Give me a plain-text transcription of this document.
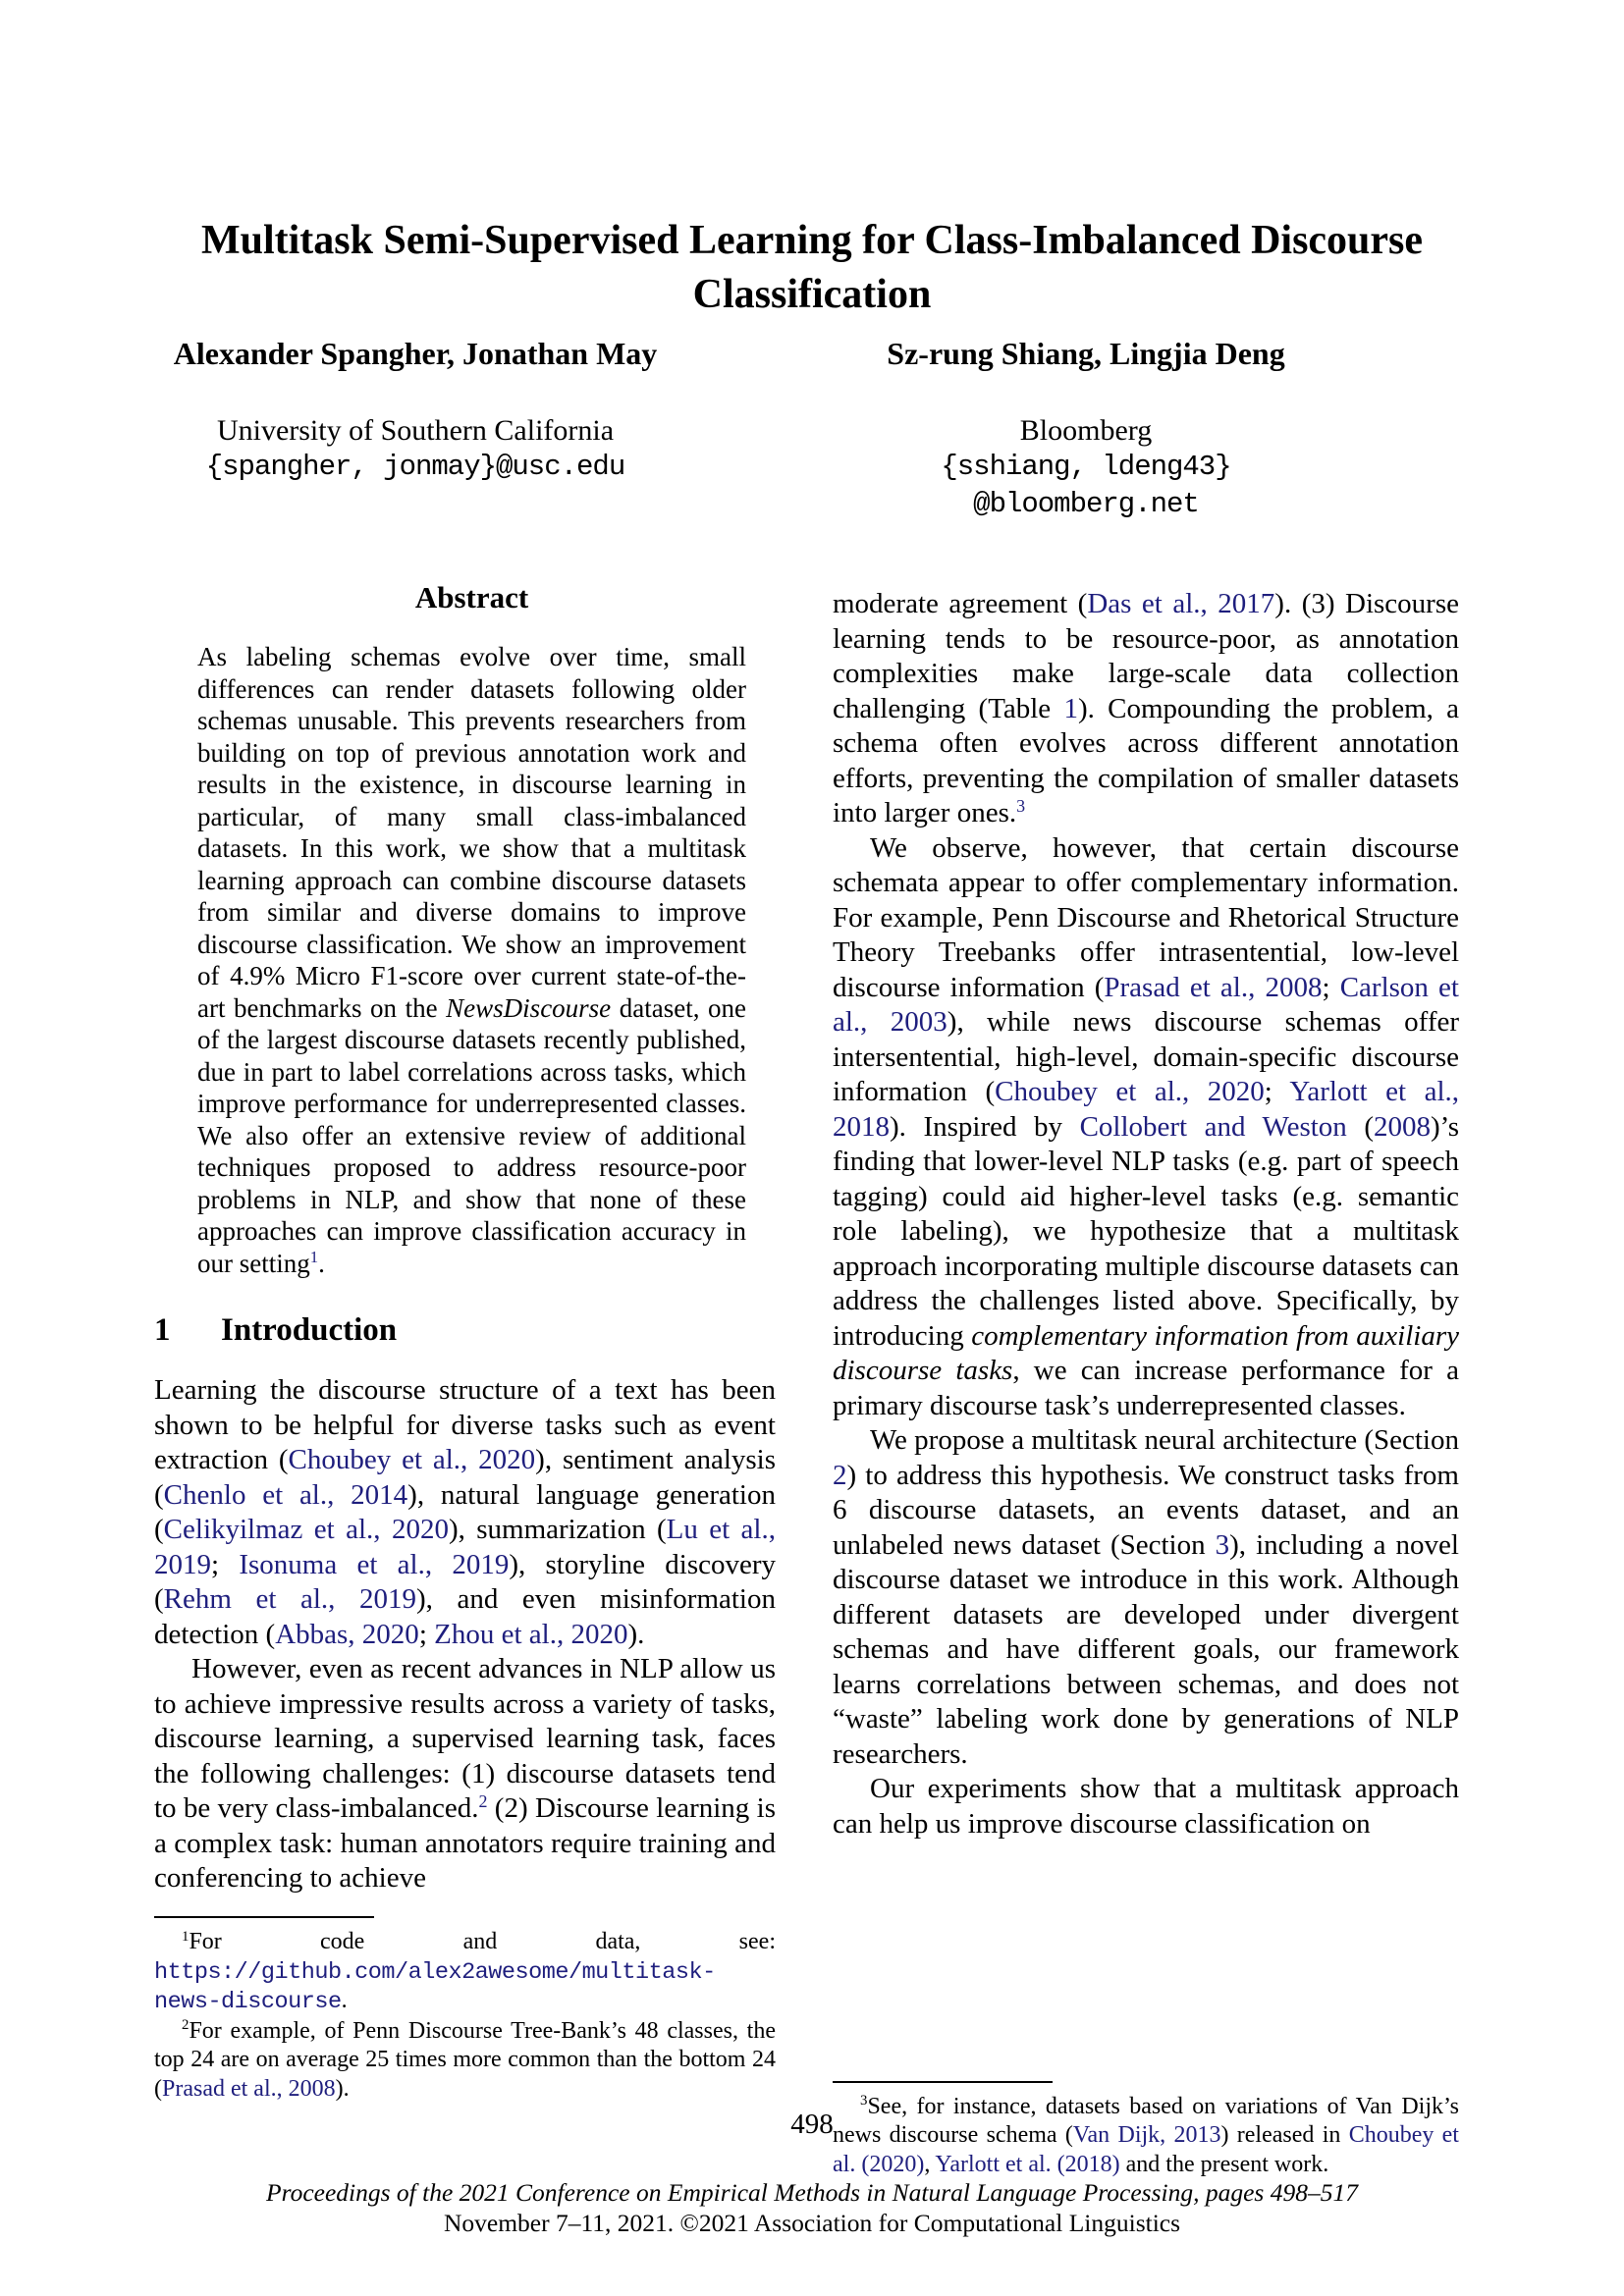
Multitask Semi-Supervised Learning for Class-Imbalanced Discourse
Classification
Alexander Spangher, Jonathan May
University of Southern California
{spangher, jonmay}@usc.edu
Sz-rung Shiang, Lingjia Deng
Bloomberg
{sshiang, ldeng43}
@bloomberg.net
Abstract

As labeling schemas evolve over time, small differences can render datasets following older schemas unusable. This prevents researchers from building on top of previous annotation work and results in the existence, in discourse learning in particular, of many small class-imbalanced datasets. In this work, we show that a multitask learning approach can combine discourse datasets from similar and diverse domains to improve discourse classification. We show an improvement of 4.9% Micro F1-score over current state-of-the-art benchmarks on the NewsDiscourse dataset, one of the largest discourse datasets recently published, due in part to label correlations across tasks, which improve performance for underrepresented classes. We also offer an extensive review of additional techniques proposed to address resource-poor problems in NLP, and show that none of these approaches can improve classification accuracy in our setting$^1$.

1 Introduction

Learning the discourse structure of a text has been shown to be helpful for diverse tasks such as event extraction (Choubey et al., 2020), sentiment analysis (Chenlo et al., 2014), natural language generation (Celikyilmaz et al., 2020), summarization (Lu et al., 2019; Isonuma et al., 2019), storyline discovery (Rehm et al., 2019), and even misinformation detection (Abbas, 2020; Zhou et al., 2020).

However, even as recent advances in NLP allow us to achieve impressive results across a variety of tasks, discourse learning, a supervised learning task, faces the following challenges: (1) discourse datasets tend to be very class-imbalanced.$^2$ (2) Discourse learning is a complex task: human annotators require training and conferencing to achieve

$^1$For code and data, see: https://github.com/alex2awesome/multitask-news-discourse.

$^2$For example, of Penn Discourse Tree-Bank’s 48 classes, the top 24 are on average 25 times more common than the bottom 24 (Prasad et al., 2008).

moderate agreement (Das et al., 2017). (3) Discourse learning tends to be resource-poor, as annotation complexities make large-scale data collection challenging (Table 1). Compounding the problem, a schema often evolves across different annotation efforts, preventing the compilation of smaller datasets into larger ones.$^3$

We observe, however, that certain discourse schemata appear to offer complementary information. For example, Penn Discourse and Rhetorical Structure Theory Treebanks offer intrasentential, low-level discourse information (Prasad et al., 2008; Carlson et al., 2003), while news discourse schemas offer intersentential, high-level, domain-specific discourse information (Choubey et al., 2020; Yarlott et al., 2018). Inspired by Collobert and Weston (2008)’s finding that lower-level NLP tasks (e.g. part of speech tagging) could aid higher-level tasks (e.g. semantic role labeling), we hypothesize that a multitask approach incorporating multiple discourse datasets can address the challenges listed above. Specifically, by introducing complementary information from auxiliary discourse tasks, we can increase performance for a primary discourse task’s underrepresented classes.

We propose a multitask neural architecture (Section 2) to address this hypothesis. We construct tasks from 6 discourse datasets, an events dataset, and an unlabeled news dataset (Section 3), including a novel discourse dataset we introduce in this work. Although different datasets are developed under divergent schemas and have different goals, our framework learns correlations between schemas, and does not “waste” labeling work done by generations of NLP researchers.

Our experiments show that a multitask approach can help us improve discourse classification on

$^3$See, for instance, datasets based on variations of Van Dijk’s news discourse schema (Van Dijk, 2013) released in Choubey et al. (2020), Yarlott et al. (2018) and the present work.

498
Proceedings of the 2021 Conference on Empirical Methods in Natural Language Processing, pages 498–517
November 7–11, 2021. ©2021 Association for Computational Linguistics
